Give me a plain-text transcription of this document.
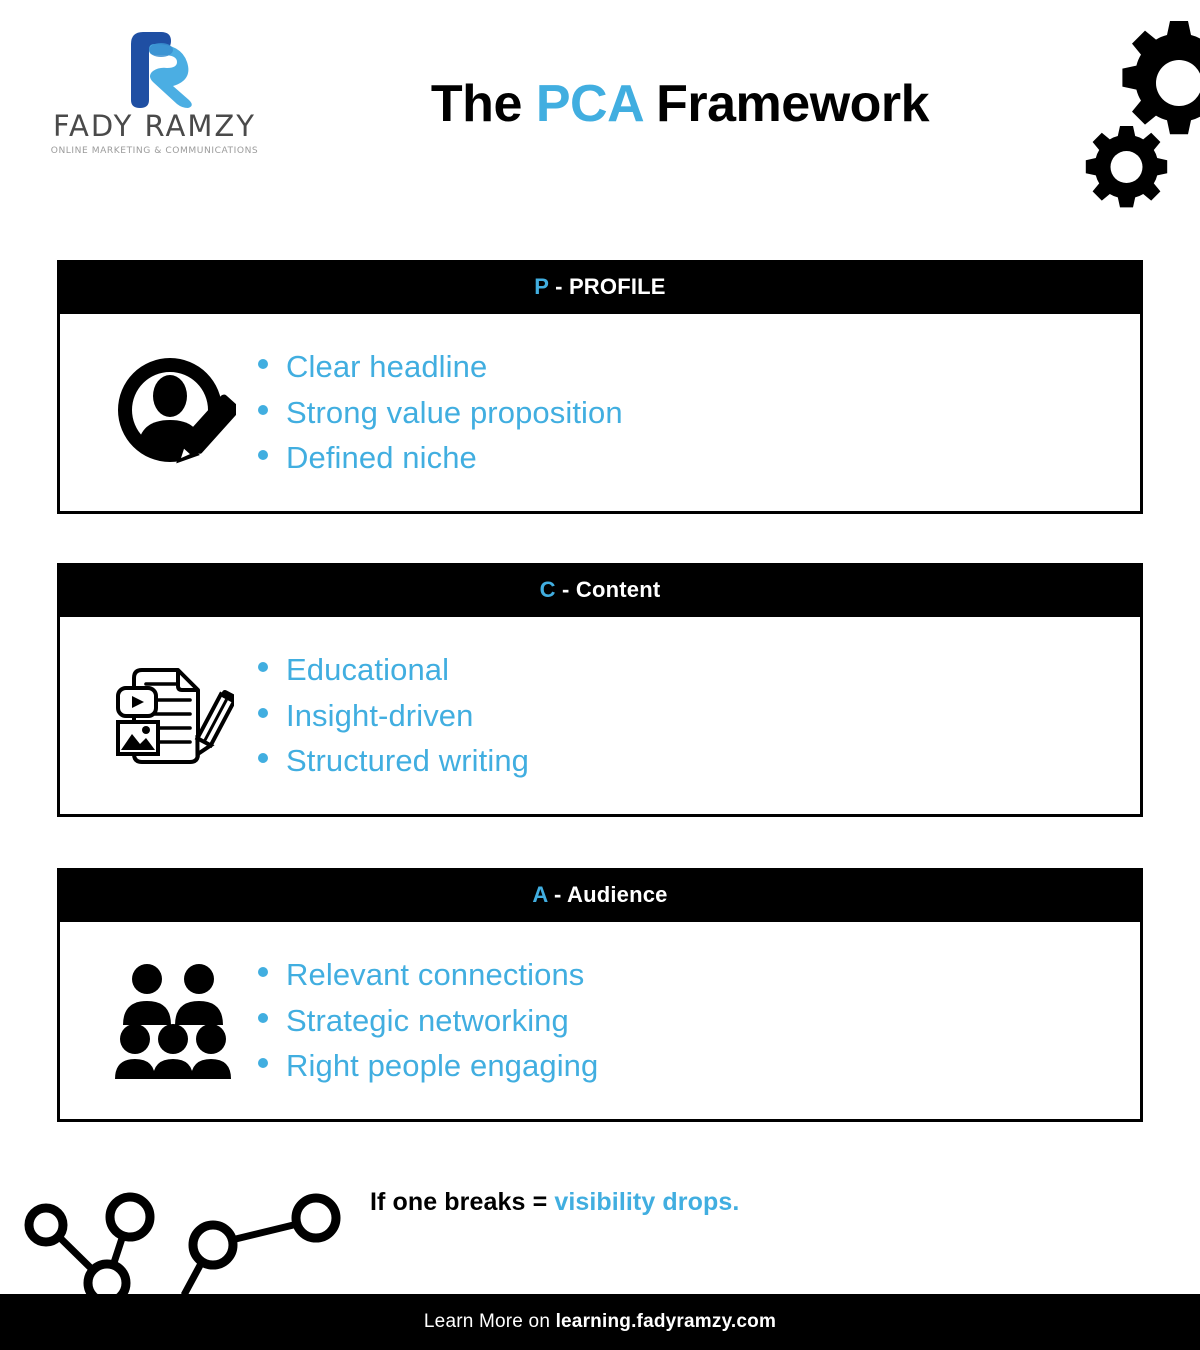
FADY RAMZY
ONLINE MARKETING & COMMUNICATIONS
The PCA Framework
P - PROFILE
Clear headline
Strong value proposition
Defined niche
C - Content
Educational
Insight-driven
Structured writing
A - Audience
Relevant connections
Strategic networking
Right people engaging
If one breaks = visibility drops.
Learn More on learning.fadyramzy.com
